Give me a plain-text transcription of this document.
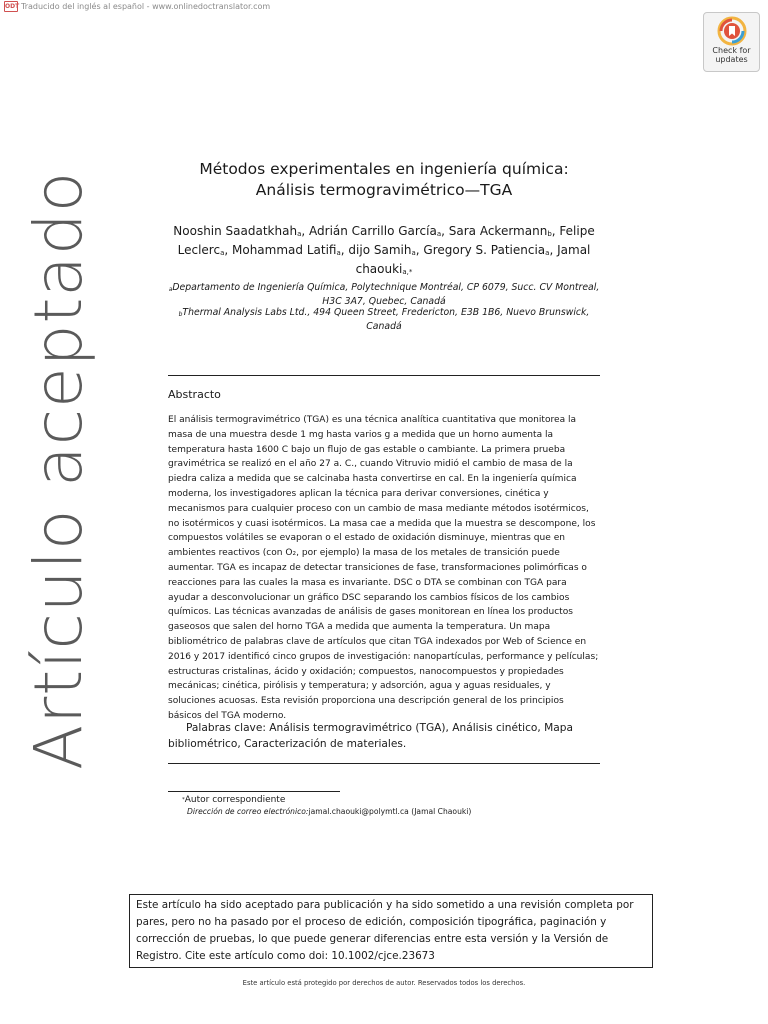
ODT Traducido del inglés al español - www.onlinedoctranslator.com
Check for
updates
Artículo aceptado
Métodos experimentales en ingeniería química:
Análisis termogravimétrico—TGA
Nooshin Saadatkhaha, Adrián Carrillo Garcíaa, Sara Ackermannb, Felipe Leclerca, Mohammad Latifia, dijo Samiha, Gregory S. Patienciaa, Jamal chaoukia,*
aDepartamento de Ingeniería Química, Polytechnique Montréal, CP 6079, Succ. CV Montreal, H3C 3A7, Quebec, Canadá
bThermal Analysis Labs Ltd., 494 Queen Street, Fredericton, E3B 1B6, Nuevo Brunswick, Canadá
Abstracto
El análisis termogravimétrico (TGA) es una técnica analítica cuantitativa que monitorea la masa de una muestra desde 1 mg hasta varios g a medida que un horno aumenta la temperatura hasta 1600 C bajo un flujo de gas estable o cambiante. La primera prueba gravimétrica se realizó en el año 27 a. C., cuando Vitruvio midió el cambio de masa de la piedra caliza a medida que se calcinaba hasta convertirse en cal. En la ingeniería química moderna, los investigadores aplican la técnica para derivar conversiones, cinética y mecanismos para cualquier proceso con un cambio de masa mediante métodos isotérmicos, no isotérmicos y cuasi isotérmicos. La masa cae a medida que la muestra se descompone, los compuestos volátiles se evaporan o el estado de oxidación disminuye, mientras que en ambientes reactivos (con O₂, por ejemplo) la masa de los metales de transición puede aumentar. TGA es incapaz de detectar transiciones de fase, transformaciones polimórficas o reacciones para las cuales la masa es invariante. DSC o DTA se combinan con TGA para ayudar a desconvolucionar un gráfico DSC separando los cambios físicos de los cambios químicos. Las técnicas avanzadas de análisis de gases monitorean en línea los productos gaseosos que salen del horno TGA a medida que aumenta la temperatura. Un mapa bibliométrico de palabras clave de artículos que citan TGA indexados por Web of Science en 2016 y 2017 identificó cinco grupos de investigación: nanopartículas, performance y películas; estructuras cristalinas, ácido y oxidación; compuestos, nanocompuestos y propiedades mecánicas; cinética, pirólisis y temperatura; y adsorción, agua y aguas residuales, y soluciones acuosas. Esta revisión proporciona una descripción general de los principios básicos del TGA moderno.
Palabras clave: Análisis termogravimétrico (TGA), Análisis cinético, Mapa bibliométrico, Caracterización de materiales.
*Autor correspondiente
Dirección de correo electrónico:jamal.chaouki@polymtl.ca (Jamal Chaouki)
Este artículo ha sido aceptado para publicación y ha sido sometido a una revisión completa por pares, pero no ha pasado por el proceso de edición, composición tipográfica, paginación y corrección de pruebas, lo que puede generar diferencias entre esta versión y la Versión de Registro. Cite este artículo como doi: 10.1002/cjce.23673
Este artículo está protegido por derechos de autor. Reservados todos los derechos.
